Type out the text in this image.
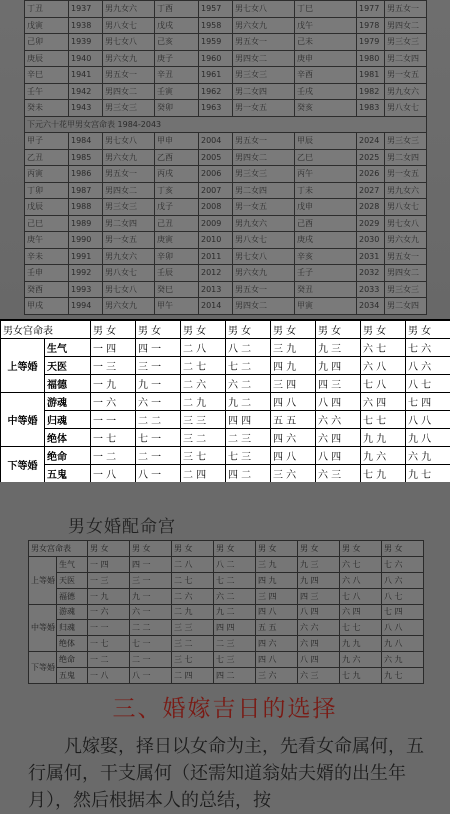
丁丑	1937	男九女六	丁酉	1957	男七女八	丁巳	1977	男五女一
戊寅	1938	男八女七	戊戌	1958	男六女九	戊午	1978	男四女二
己卯	1939	男七女八	己亥	1959	男五女一	己未	1979	男三女三
庚辰	1940	男六女九	庚子	1960	男四女二	庚申	1980	男二女四
辛巳	1941	男五女一	辛丑	1961	男三女三	辛酉	1981	男一女五
壬午	1942	男四女二	壬寅	1962	男二女四	壬戌	1982	男九女六
癸未	1943	男三女三	癸卯	1963	男一女五	癸亥	1983	男八女七
下元六十花甲男女宫命表 1984-2043								
甲子	1984	男七女八	甲申	2004	男五女一	甲辰	2024	男三女三
乙丑	1985	男六女九	乙酉	2005	男四女二	乙巳	2025	男二女四
丙寅	1986	男五女一	丙戌	2006	男三女三	丙午	2026	男一女五
丁卯	1987	男四女二	丁亥	2007	男二女四	丁未	2027	男九女六
戊辰	1988	男三女三	戊子	2008	男一女五	戊申	2028	男八女七
己巳	1989	男二女四	己丑	2009	男九女六	己酉	2029	男七女八
庚午	1990	男一女五	庚寅	2010	男八女七	庚戌	2030	男六女九
辛未	1991	男九女六	辛卯	2011	男七女八	辛亥	2031	男五女一
壬申	1992	男八女七	壬辰	2012	男六女九	壬子	2032	男四女二
癸酉	1993	男七女八	癸巳	2013	男五女一	癸丑	2033	男三女三
甲戌	1994	男六女九	甲午	2014	男四女二	甲寅	2034	男二女四
男女宫命表		男 女	男 女	男 女	男 女	男 女	男 女	男 女	男 女
上等婚	生气	一 四	四 一	二 八	八 二	三 九	九 三	六 七	七 六
	天医	一 三	三 一	二 七	七 二	四 九	九 四	六 八	八 六
	福德	一 九	九 一	二 六	六 二	三 四	四 三	七 八	八 七
中等婚	游魂	一 六	六 一	二 九	九 二	四 八	八 四	六 四	七 四
	归魂	一 一	二 二	三 三	四 四	五 五	六 六	七 七	八 八
	绝体	一 七	七 一	三 二	二 三	四 六	六 四	九 九	九 八
下等婚	绝命	一 二	二 一	三 七	七 三	四 八	八 四	九 六	六 九
	五鬼	一 八	八 一	二 四	四 二	三 六	六 三	七 九	九 七
男女婚配命宫
男女宫命表		男 女	男 女	男 女	男 女	男 女	男 女	男 女	男 女
上等婚	生气	一 四	四 一	二 八	八 二	三 九	九 三	六 七	七 六
	天医	一 三	三 一	二 七	七 二	四 九	九 四	六 八	八 六
	福德	一 九	九 一	二 六	六 二	三 四	四 三	七 八	八 七
中等婚	游魂	一 六	六 一	二 九	九 二	四 八	八 四	六 四	七 四
	归魂	一 一	二 二	三 三	四 四	五 五	六 六	七 七	八 八
	绝体	一 七	七 一	三 二	二 三	四 六	六 四	九 九	九 八
下等婚	绝命	一 二	二 一	三 七	七 三	四 八	八 四	九 六	六 九
	五鬼	一 八	八 一	二 四	四 二	三 六	六 三	七 九	九 七
三、婚嫁吉日的选择
凡嫁娶，择日以女命为主，先看女命属何，五行属何，干支属何（还需知道翁姑夫婿的出生年月），然后根据本人的总结，按
